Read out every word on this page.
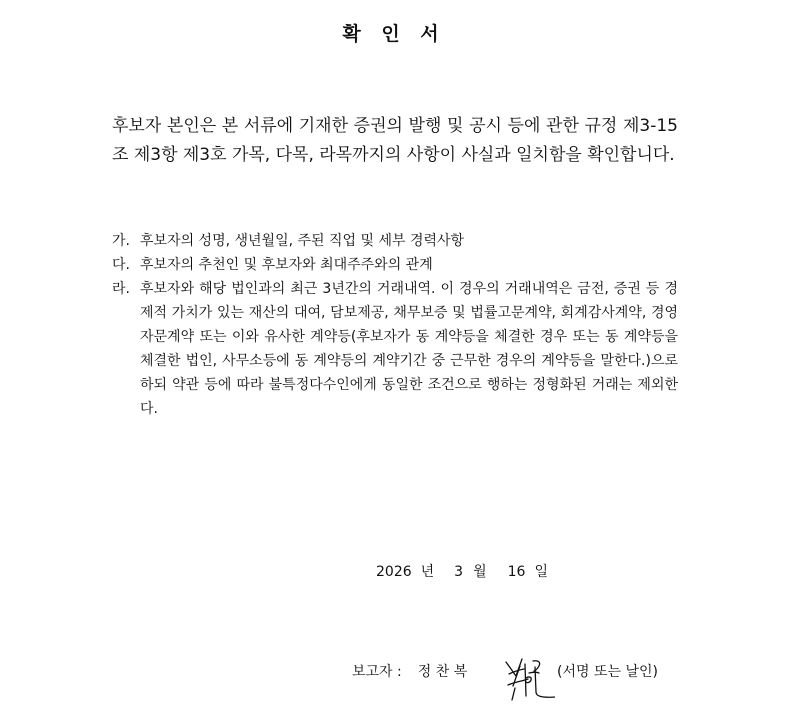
확 인 서

후보자 본인은 본 서류에 기재한 증권의 발행 및 공시 등에 관한 규정 제3-15조 제3항 제3호 가목, 다목, 라목까지의 사항이 사실과 일치함을 확인합니다.

가. 후보자의 성명, 생년월일, 주된 직업 및 세부 경력사항
다. 후보자의 추천인 및 후보자와 최대주주와의 관계
라. 후보자와 해당 법인과의 최근 3년간의 거래내역. 이 경우의 거래내역은 금전, 증권 등 경제적 가치가 있는 재산의 대여, 담보제공, 채무보증 및 법률고문계약, 회계감사계약, 경영자문계약 또는 이와 유사한 계약등(후보자가 동 계약등을 체결한 경우 또는 동 계약등을 체결한 법인, 사무소등에 동 계약등의 계약기간 중 근무한 경우의 계약등을 말한다.)으로 하되 약관 등에 따라 불특정다수인에게 동일한 조건으로 행하는 정형화된 거래는 제외한다.
2026 년 3 월 16 일
보고자 : 정 찬 복	(서명 또는 날인)
